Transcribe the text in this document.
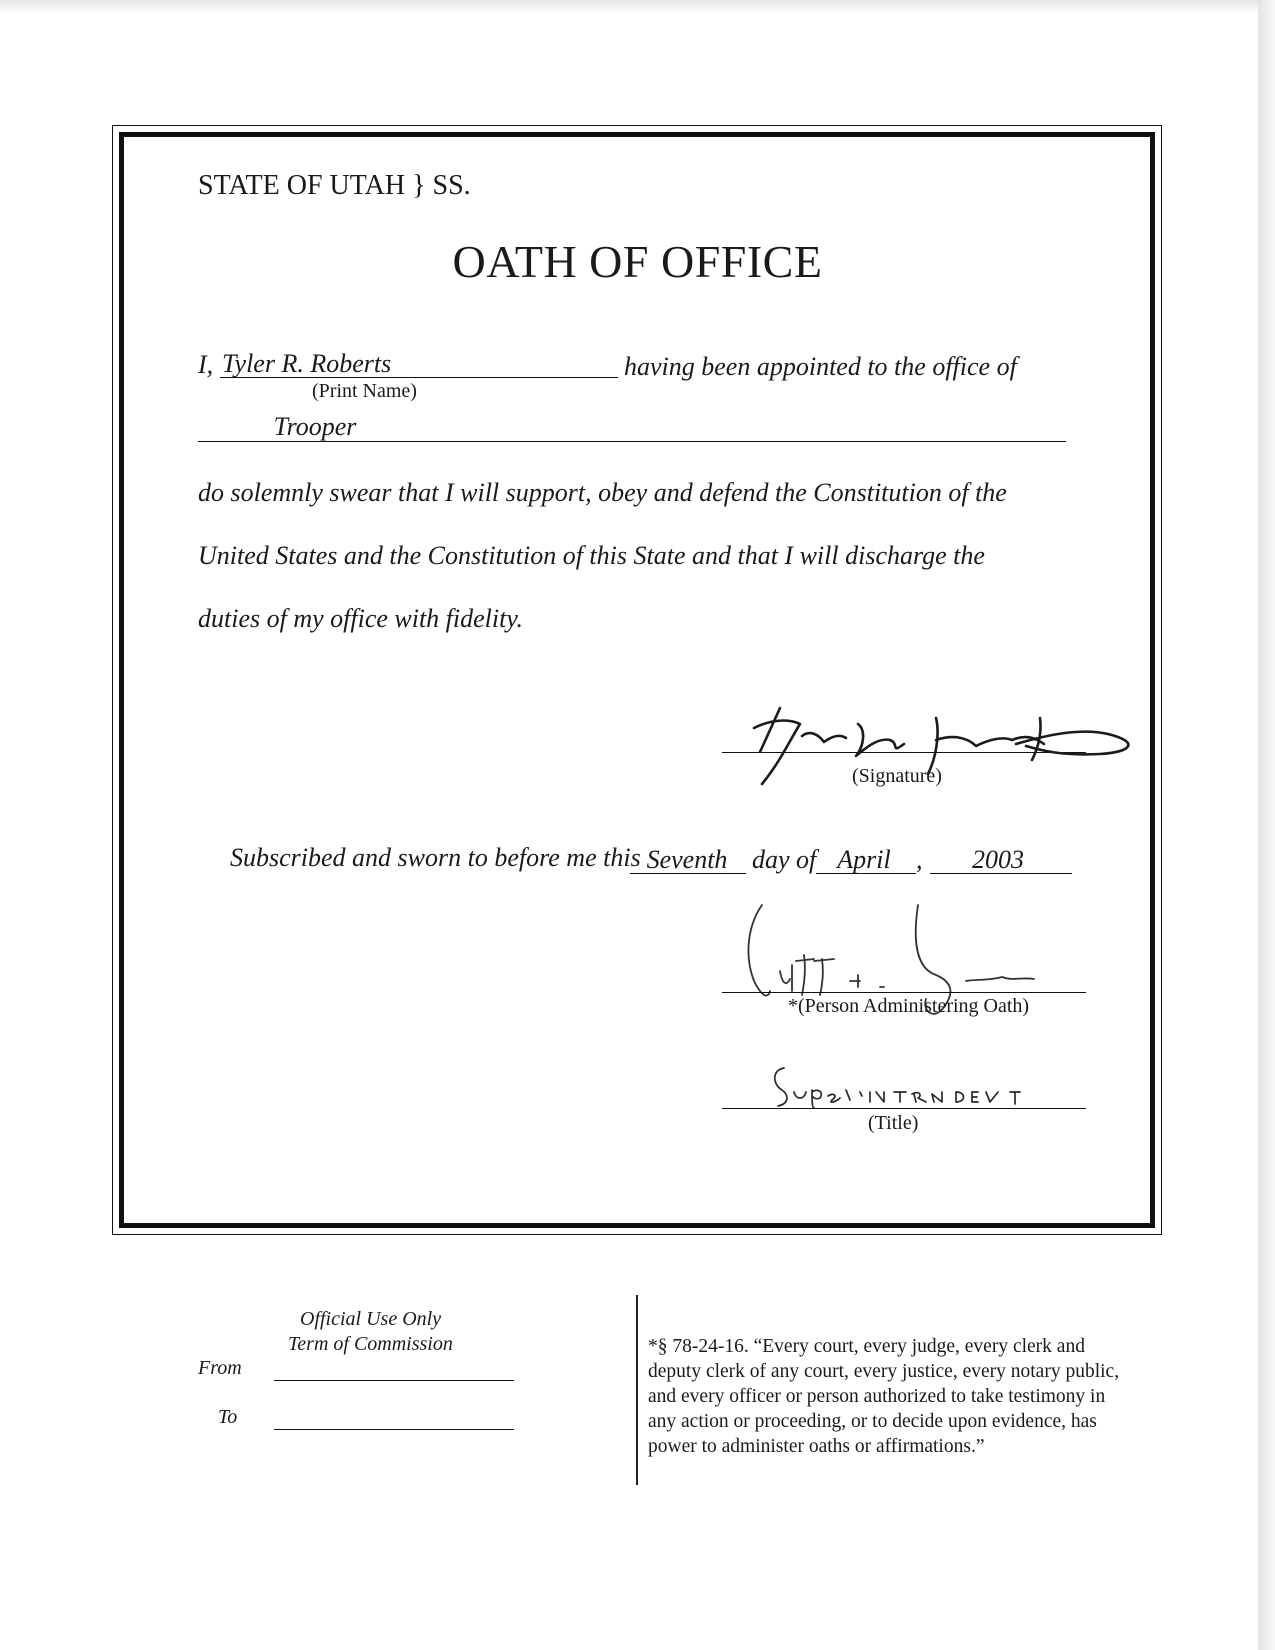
STATE OF UTAH } SS.
OATH OF OFFICE
I, Tyler R. Roberts	having been appointed to the office of
(Print Name)
Trooper
do solemnly swear that I will support, obey and defend the Constitution of the
United States and the Constitution of this State and that I will discharge the
duties of my office with fidelity.
(Signature)
Subscribed and sworn to before me this Seventh day of April ,	2003
*(Person Administering Oath)
(Title)
Official Use Only
Term of Commission
From
To
*§ 78-24-16. “Every court, every judge, every clerk and deputy clerk of any court, every justice, every notary public, and every officer or person authorized to take testimony in any action or proceeding, or to decide upon evidence, has power to administer oaths or affirmations.”
